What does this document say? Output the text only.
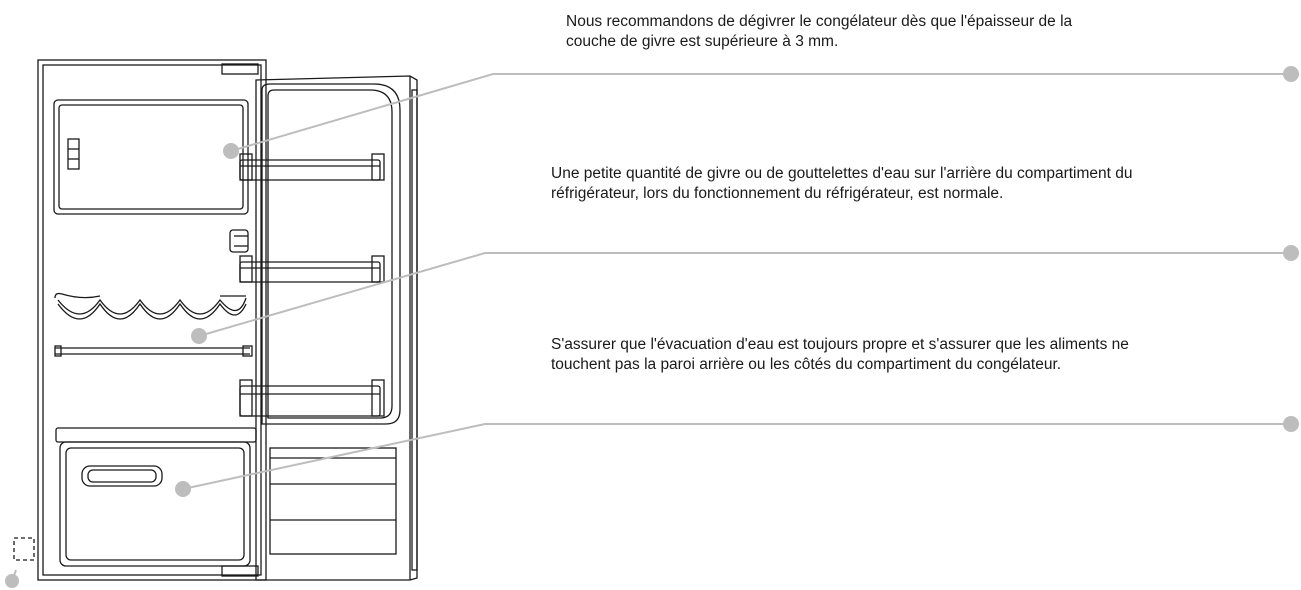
Nous recommandons de dégivrer le congélateur dès que l'épaisseur de la couche de givre est supérieure à 3 mm.

Une petite quantité de givre ou de gouttelettes d'eau sur l'arrière du compartiment du réfrigérateur, lors du fonctionnement du réfrigérateur, est normale.

S'assurer que l'évacuation d'eau est toujours propre et s'assurer que les aliments ne touchent pas la paroi arrière ou les côtés du compartiment du congélateur.
